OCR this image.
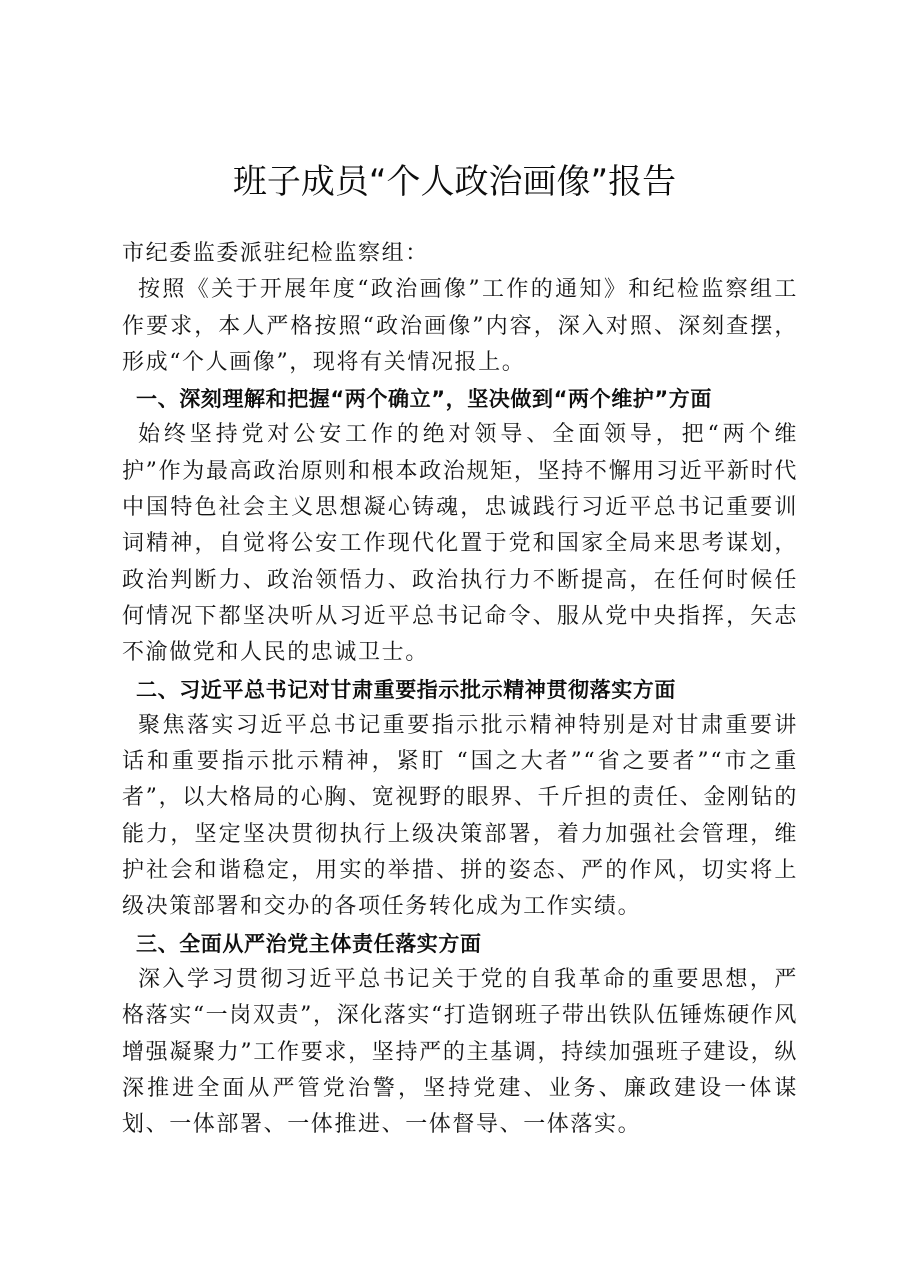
班子成员“个人政治画像”报告

市纪委监委派驻纪检监察组：

按照《关于开展年度“政治画像”工作的通知》和纪检监察组工作要求，本人严格按照“政治画像”内容，深入对照、深刻查摆，形成“个人画像”，现将有关情况报上。

一、深刻理解和把握“两个确立”，坚决做到“两个维护”方面

始终坚持党对公安工作的绝对领导、全面领导，把“两个维护”作为最高政治原则和根本政治规矩，坚持不懈用习近平新时代中国特色社会主义思想凝心铸魂，忠诚践行习近平总书记重要训词精神，自觉将公安工作现代化置于党和国家全局来思考谋划，政治判断力、政治领悟力、政治执行力不断提高，在任何时候任何情况下都坚决听从习近平总书记命令、服从党中央指挥，矢志不渝做党和人民的忠诚卫士。

二、习近平总书记对甘肃重要指示批示精神贯彻落实方面

聚焦落实习近平总书记重要指示批示精神特别是对甘肃重要讲话和重要指示批示精神，紧盯 “国之大者”“省之要者”“市之重者”，以大格局的心胸、宽视野的眼界、千斤担的责任、金刚钻的能力，坚定坚决贯彻执行上级决策部署，着力加强社会管理，维护社会和谐稳定，用实的举措、拼的姿态、严的作风，切实将上级决策部署和交办的各项任务转化成为工作实绩。

三、全面从严治党主体责任落实方面

深入学习贯彻习近平总书记关于党的自我革命的重要思想，严格落实“一岗双责”，深化落实“打造钢班子带出铁队伍锤炼硬作风增强凝聚力”工作要求，坚持严的主基调，持续加强班子建设，纵深推进全面从严管党治警，坚持党建、业务、廉政建设一体谋划、一体部署、一体推进、一体督导、一体落实。
